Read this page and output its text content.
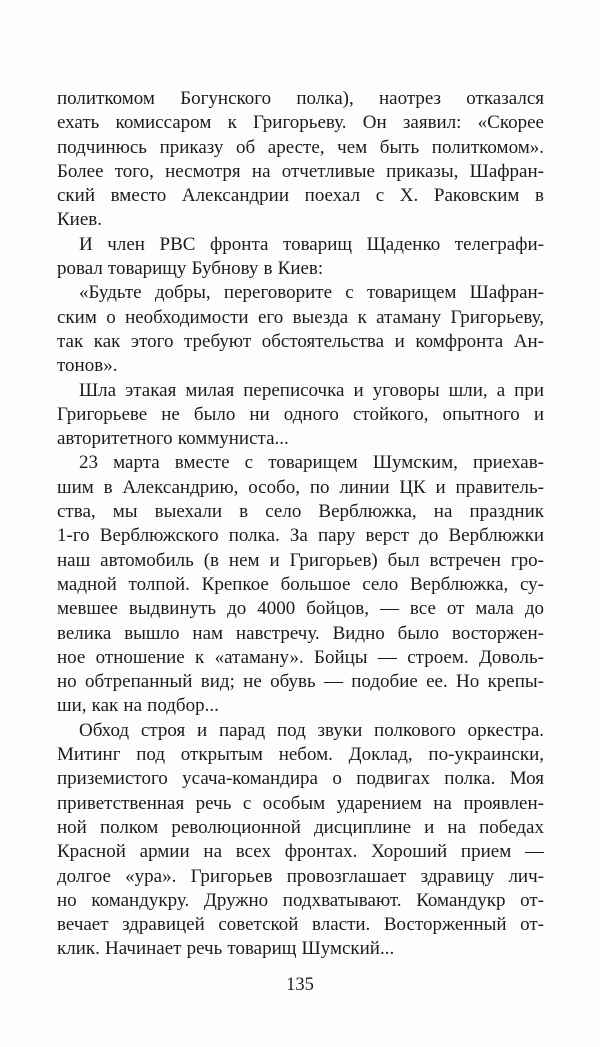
политкомом Богунского полка), наотрез отказался
ехать комиссаром к Григорьеву. Он заявил: «Скорее
подчинюсь приказу об аресте, чем быть политкомом».
Более того, несмотря на отчетливые приказы, Шафран-
ский вместо Александрии поехал с Х. Раковским в
Киев.
И член РВС фронта товарищ Щаденко телеграфи-
ровал товарищу Бубнову в Киев:
«Будьте добры, переговорите с товарищем Шафран-
ским о необходимости его выезда к атаману Григорьеву,
так как этого требуют обстоятельства и комфронта Ан-
тонов».
Шла этакая милая переписочка и уговоры шли, а при
Григорьеве не было ни одного стойкого, опытного и
авторитетного коммуниста...
23 марта вместе с товарищем Шумским, приехав-
шим в Александрию, особо, по линии ЦК и правитель-
ства, мы выехали в село Верблюжка, на праздник
1-го Верблюжского полка. За пару верст до Верблюжки
наш автомобиль (в нем и Григорьев) был встречен гро-
мадной толпой. Крепкое большое село Верблюжка, су-
мевшее выдвинуть до 4000 бойцов, — все от мала до
велика вышло нам навстречу. Видно было восторжен-
ное отношение к «атаману». Бойцы — строем. Доволь-
но обтрепанный вид; не обувь — подобие ее. Но крепы-
ши, как на подбор...
Обход строя и парад под звуки полкового оркестра.
Митинг под открытым небом. Доклад, по-украински,
приземистого усача-командира о подвигах полка. Моя
приветственная речь с особым ударением на проявлен-
ной полком революционной дисциплине и на победах
Красной армии на всех фронтах. Хороший прием —
долгое «ура». Григорьев провозглашает здравицу лич-
но командукру. Дружно подхватывают. Командукр от-
вечает здравицей советской власти. Восторженный от-
клик. Начинает речь товарищ Шумский...
135
